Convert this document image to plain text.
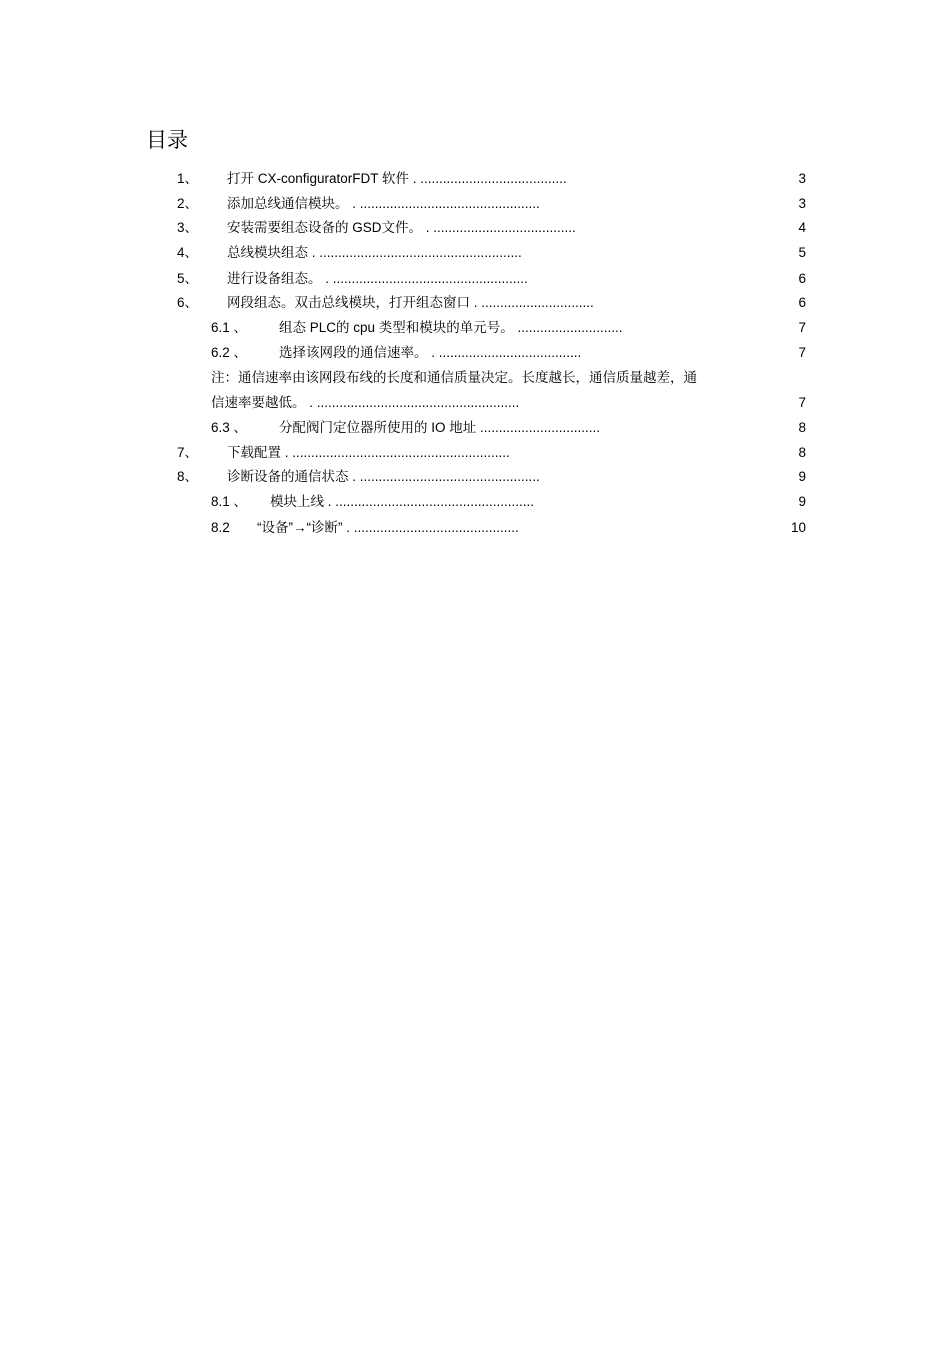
目录
1、 打开 CX-configuratorFDT 软件 . .......................................	3
2、 添加总线通信模块。 . ................................................	3
3、 安装需要组态设备的 GSD文件。 . ......................................	4
4、 总线模块组态 . ......................................................	5
5、 进行设备组态。 . ....................................................	6
6、 网段组态。双击总线模块，打开组态窗口 . ..............................	6
6.1 、 组态 PLC的 cpu 类型和模块的单元号。 ............................	7
6.2 、 选择该网段的通信速率。 . ......................................	7
注：通信速率由该网段布线的长度和通信质量决定。长度越长，通信质量越差，通
信速率要越低。 . ......................................................	7
6.3 、 分配阀门定位器所使用的 IO 地址 ................................	8
7、 下载配置 . ..........................................................	8
8、 诊断设备的通信状态 . ................................................	9
8.1 、 模块上线 . .....................................................	9
8.2 “设备”→“诊断” . ............................................	10
